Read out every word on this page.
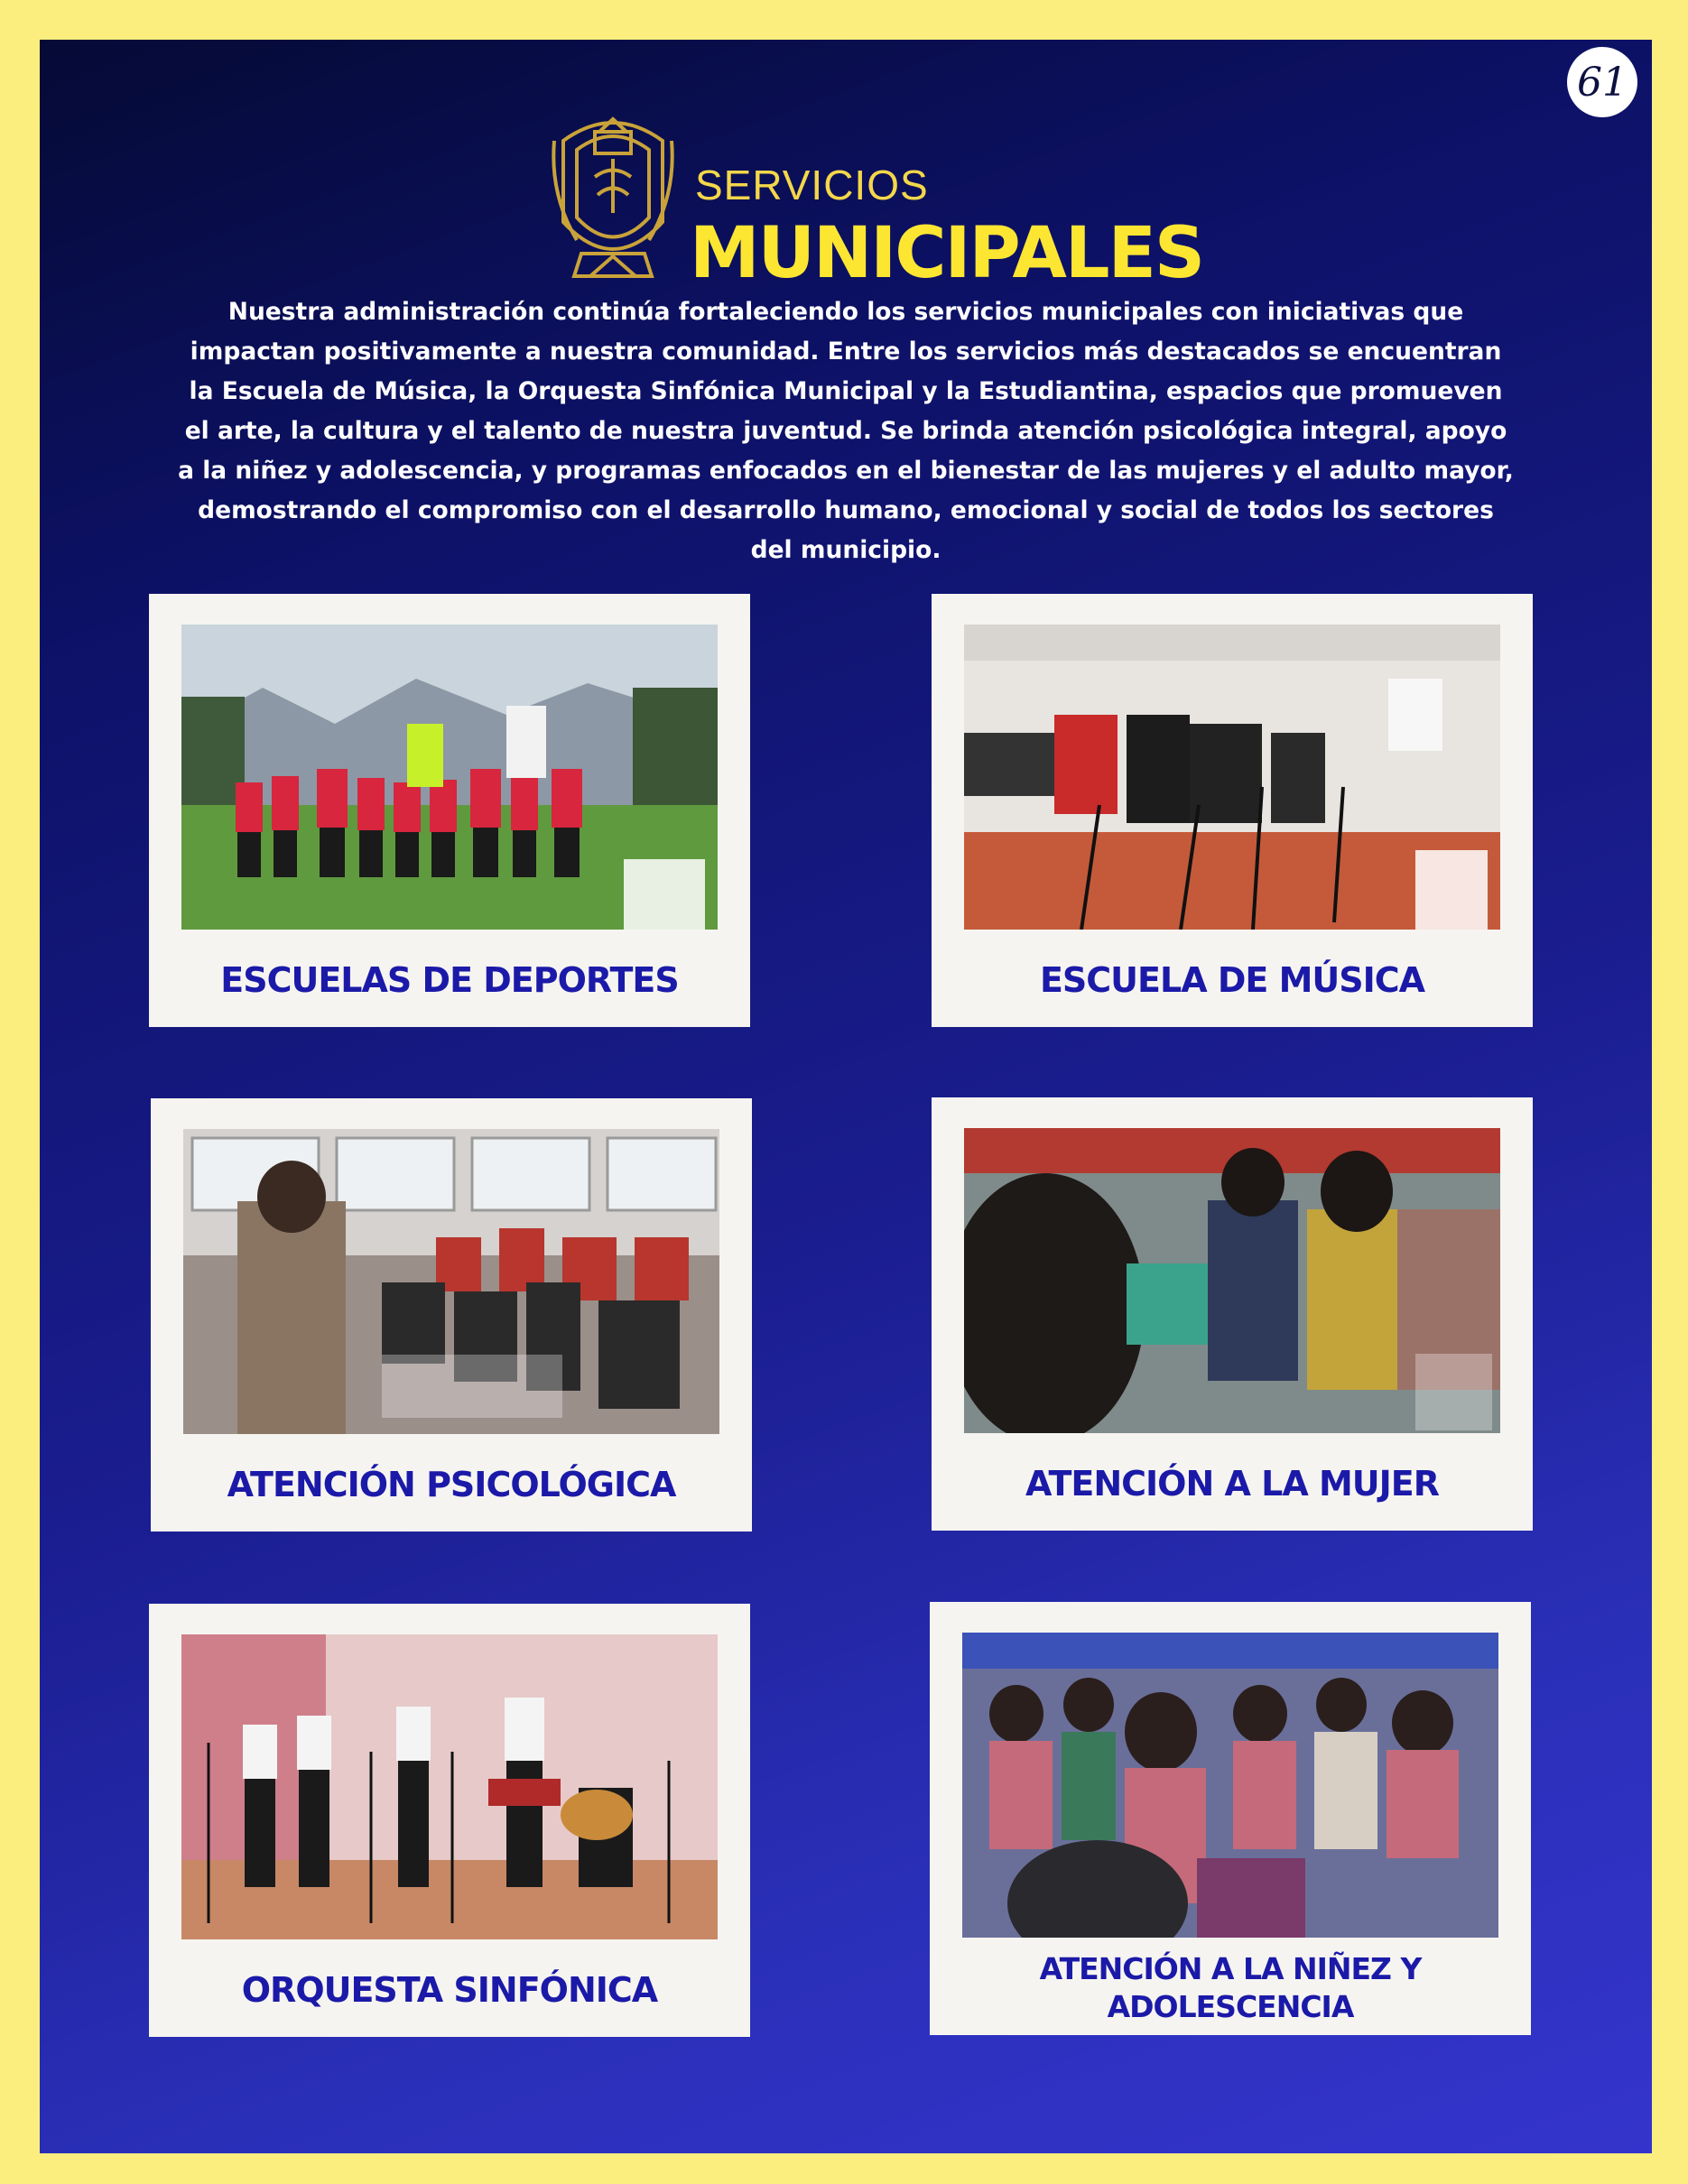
61
SERVICIOS
MUNICIPALES

Nuestra administración continúa fortaleciendo los servicios municipales con iniciativas que impactan positivamente a nuestra comunidad. Entre los servicios más destacados se encuentran la Escuela de Música, la Orquesta Sinfónica Municipal y la Estudiantina, espacios que promueven el arte, la cultura y el talento de nuestra juventud. Se brinda atención psicológica integral, apoyo a la niñez y adolescencia, y programas enfocados en el bienestar de las mujeres y el adulto mayor, demostrando el compromiso con el desarrollo humano, emocional y social de todos los sectores del municipio.

ESCUELAS DE DEPORTES	ESCUELA DE MÚSICA
ATENCIÓN PSICOLÓGICA	ATENCIÓN A LA MUJER
ORQUESTA SINFÓNICA
ATENCIÓN A LA NIÑEZ Y ADOLESCENCIA
